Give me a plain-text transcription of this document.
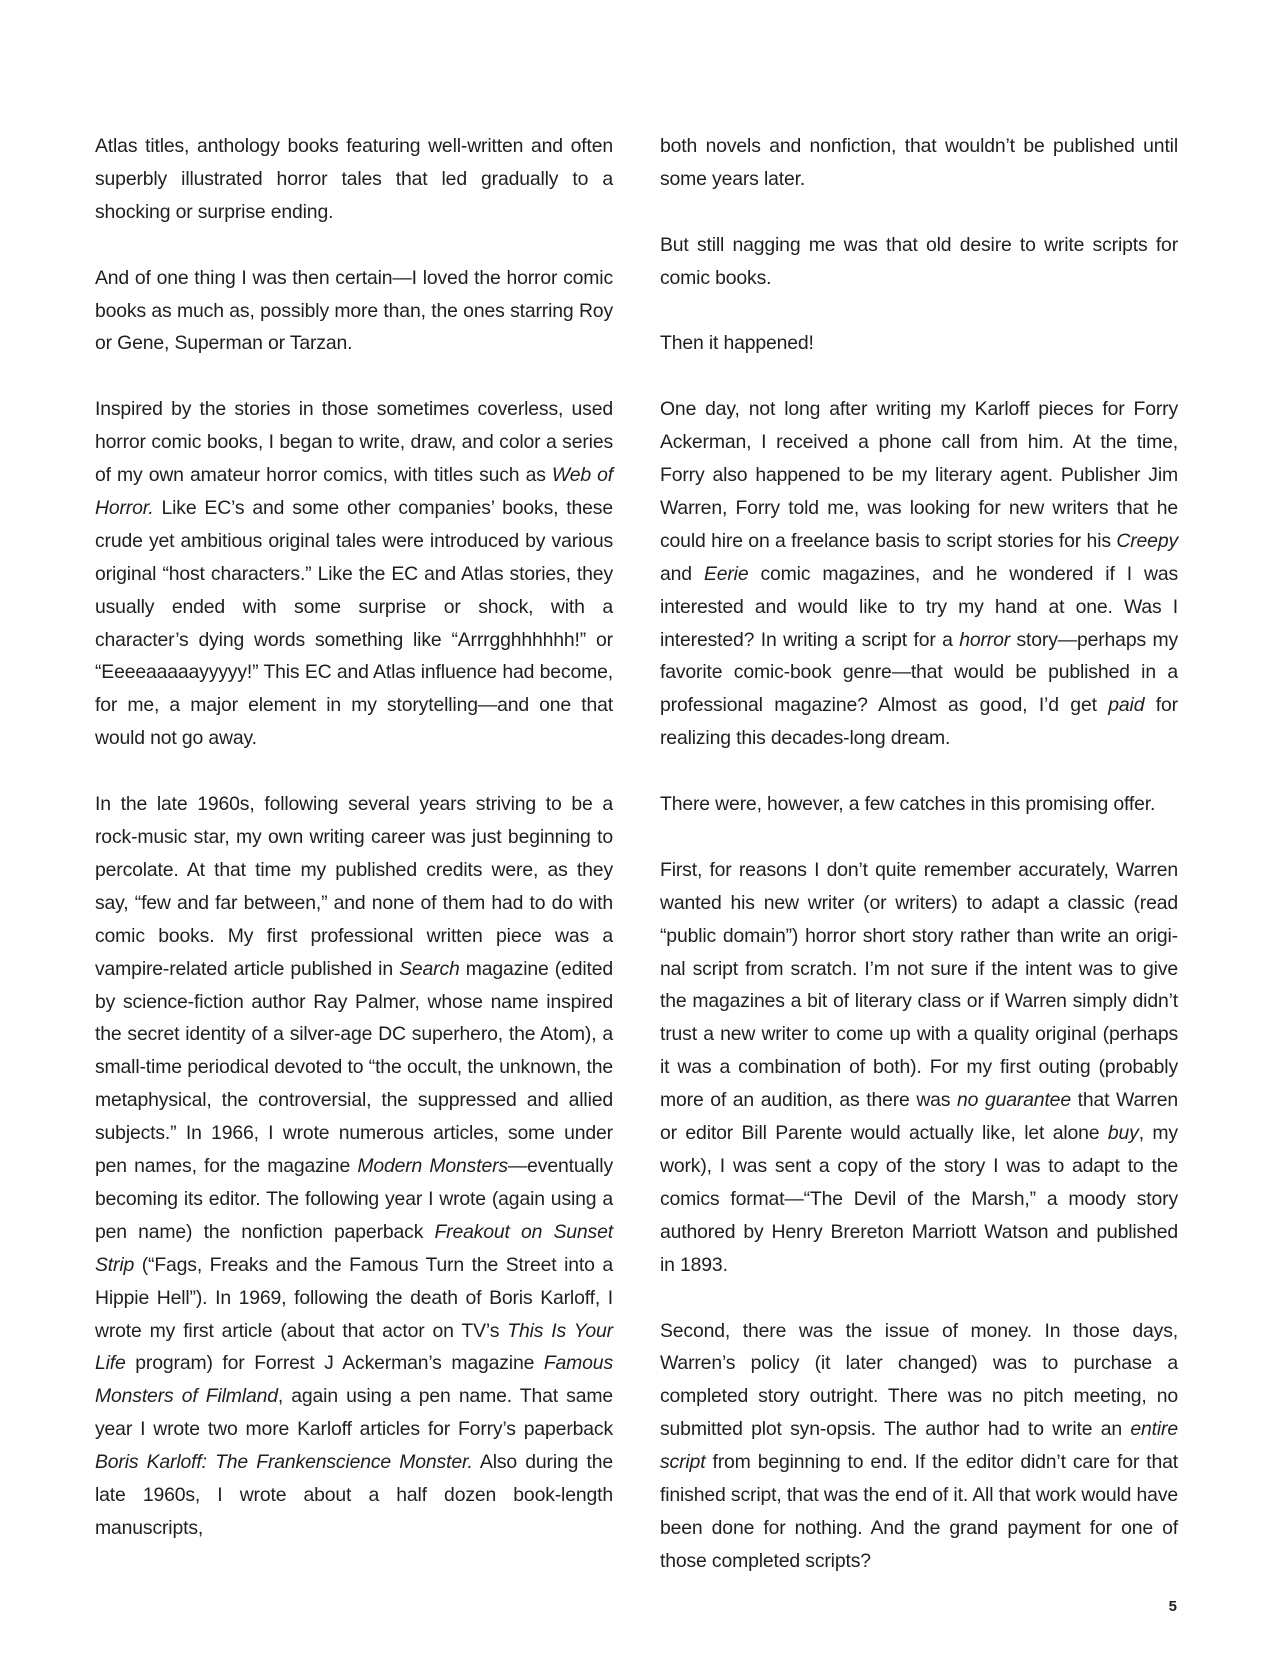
Atlas titles, anthology books featuring well-written and often superbly illustrated horror tales that led gradually to a shocking or surprise ending.

And of one thing I was then certain—I loved the horror comic books as much as, possibly more than, the ones starring Roy or Gene, Superman or Tarzan.

Inspired by the stories in those sometimes coverless, used horror comic books, I began to write, draw, and color a series of my own amateur horror comics, with titles such as Web of Horror. Like EC’s and some other companies’ books, these crude yet ambitious original tales were introduced by various original “host characters.” Like the EC and Atlas stories, they usually ended with some surprise or shock, with a character’s dying words something like “Arrrgghhhhhh!” or “Eeeeaaaaayyyyy!” This EC and Atlas influence had become, for me, a major element in my storytelling—and one that would not go away.

In the late 1960s, following several years striving to be a rock-music star, my own writing career was just beginning to percolate. At that time my published credits were, as they say, “few and far between,” and none of them had to do with comic books. My first professional written piece was a vampire-related article published in Search magazine (edited by science-fiction author Ray Palmer, whose name inspired the secret identity of a silver-age DC superhero, the Atom), a small-time periodical devoted to “the occult, the unknown, the metaphysical, the controversial, the suppressed and allied subjects.” In 1966, I wrote numerous articles, some under pen names, for the magazine Modern Monsters—eventually becoming its editor. The following year I wrote (again using a pen name) the nonfiction paperback Freakout on Sunset Strip (“Fags, Freaks and the Famous Turn the Street into a Hippie Hell”). In 1969, following the death of Boris Karloff, I wrote my first article (about that actor on TV’s This Is Your Life program) for Forrest J Ackerman’s magazine Famous Monsters of Filmland, again using a pen name. That same year I wrote two more Karloff articles for Forry’s paperback Boris Karloff: The Frankenscience Monster. Also during the late 1960s, I wrote about a half dozen book-length manuscripts,

both novels and nonfiction, that wouldn’t be published until some years later.

But still nagging me was that old desire to write scripts for comic books.

Then it happened!

One day, not long after writing my Karloff pieces for Forry Ackerman, I received a phone call from him. At the time, Forry also happened to be my literary agent. Publisher Jim Warren, Forry told me, was looking for new writers that he could hire on a freelance basis to script stories for his Creepy and Eerie comic magazines, and he wondered if I was interested and would like to try my hand at one. Was I interested? In writing a script for a horror story—perhaps my favorite comic-book genre—that would be published in a professional magazine? Almost as good, I’d get paid for realizing this decades-long dream.

There were, however, a few catches in this promising offer.

First, for reasons I don’t quite remember accurately, Warren wanted his new writer (or writers) to adapt a classic (read “public domain”) horror short story rather than write an origi-nal script from scratch. I’m not sure if the intent was to give the magazines a bit of literary class or if Warren simply didn’t trust a new writer to come up with a quality original (perhaps it was a combination of both). For my first outing (probably more of an audition, as there was no guarantee that Warren or editor Bill Parente would actually like, let alone buy, my work), I was sent a copy of the story I was to adapt to the comics format—“The Devil of the Marsh,” a moody story authored by Henry Brereton Marriott Watson and published in 1893.

Second, there was the issue of money. In those days, Warren’s policy (it later changed) was to purchase a completed story outright. There was no pitch meeting, no submitted plot syn-opsis. The author had to write an entire script from beginning to end. If the editor didn’t care for that finished script, that was the end of it. All that work would have been done for nothing. And the grand payment for one of those completed scripts?

5
